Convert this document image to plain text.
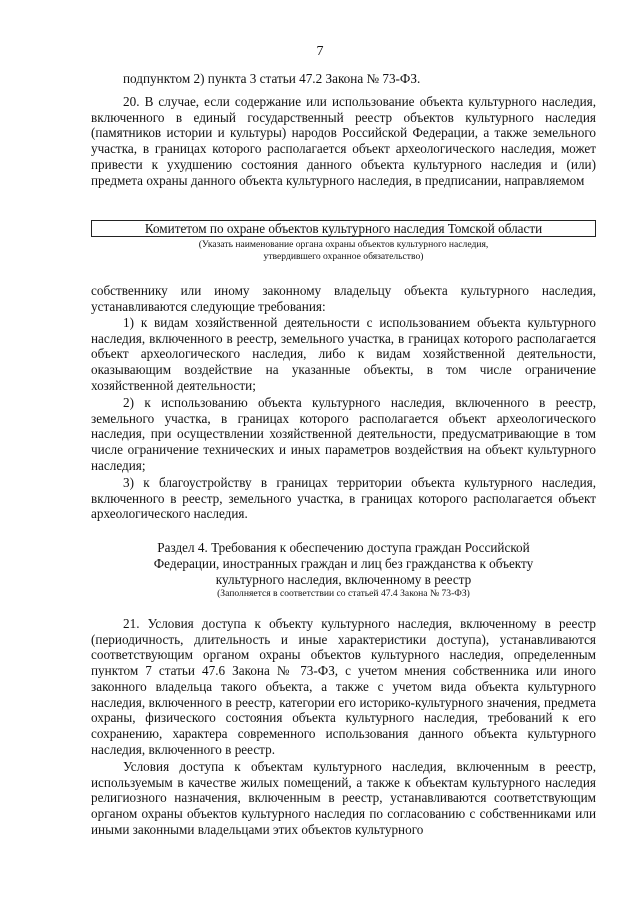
7

подпунктом 2) пункта 3 статьи 47.2 Закона № 73-ФЗ.

20. В случае, если содержание или использование объекта культурного наследия, включенного в единый государственный реестр объектов культурного наследия (памятников истории и культуры) народов Российской Федерации, а также земельного участка, в границах которого располагается объект археологического наследия, может привести к ухудшению состояния данного объекта культурного наследия и (или) предмета охраны данного объекта культурного наследия, в предписании, направляемом

Комитетом по охране объектов культурного наследия Томской области
(Указать наименование органа охраны объектов культурного наследия,
утвердившего охранное обязательство)

собственнику или иному законному владельцу объекта культурного наследия, устанавливаются следующие требования:

1) к видам хозяйственной деятельности с использованием объекта культурного наследия, включенного в реестр, земельного участка, в границах которого располагается объект археологического наследия, либо к видам хозяйственной деятельности, оказывающим воздействие на указанные объекты, в том числе ограничение хозяйственной деятельности;

2) к использованию объекта культурного наследия, включенного в реестр, земельного участка, в границах которого располагается объект археологического наследия, при осуществлении хозяйственной деятельности, предусматривающие в том числе ограничение технических и иных параметров воздействия на объект культурного наследия;

3) к благоустройству в границах территории объекта культурного наследия, включенного в реестр, земельного участка, в границах которого располагается объект археологического наследия.

Раздел 4. Требования к обеспечению доступа граждан Российской
Федерации, иностранных граждан и лиц без гражданства к объекту
культурного наследия, включенному в реестр
(Заполняется в соответствии со статьей 47.4 Закона № 73-ФЗ)

21. Условия доступа к объекту культурного наследия, включенному в реестр (периодичность, длительность и иные характеристики доступа), устанавливаются соответствующим органом охраны объектов культурного наследия, определенным пунктом 7 статьи 47.6 Закона № 73-ФЗ, с учетом мнения собственника или иного законного владельца такого объекта, а также с учетом вида объекта культурного наследия, включенного в реестр, категории его историко-культурного значения, предмета охраны, физического состояния объекта культурного наследия, требований к его сохранению, характера современного использования данного объекта культурного наследия, включенного в реестр.

Условия доступа к объектам культурного наследия, включенным в реестр, используемым в качестве жилых помещений, а также к объектам культурного наследия религиозного назначения, включенным в реестр, устанавливаются соответствующим органом охраны объектов культурного наследия по согласованию с собственниками или иными законными владельцами этих объектов культурного
